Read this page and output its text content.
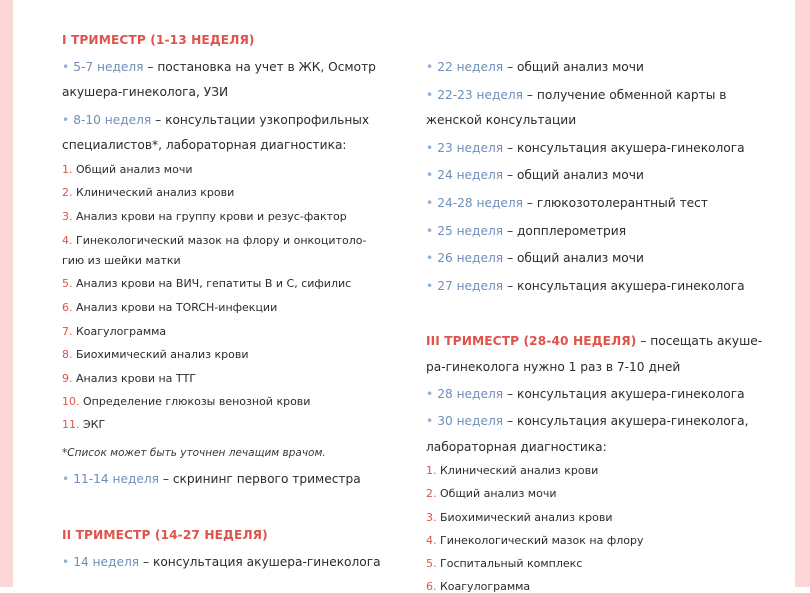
I ТРИМЕСТР (1-13 НЕДЕЛЯ)
• 5-7 неделя – постановка на учет в ЖК, Осмотр
акушера-гинеколога, УЗИ
• 8-10 неделя – консультации узкопрофильных
специалистов*, лабораторная диагностика:
1. Общий анализ мочи
2. Клинический анализ крови
3. Анализ крови на группу крови и резус-фактор
4. Гинекологический мазок на флору и онкоцитоло-
гию из шейки матки
5. Анализ крови на ВИЧ, гепатиты В и С, сифилис
6. Анализ крови на TORCH-инфекции
7. Коагулограмма
8. Биохимический анализ крови
9. Анализ крови на ТТГ
10. Определение глюкозы венозной крови
11. ЭКГ
*Список может быть уточнен лечащим врачом.
• 11-14 неделя – скрининг первого триместра
II ТРИМЕСТР (14-27 НЕДЕЛЯ)
• 14 неделя – консультация акушера-гинеколога
• 22 неделя – общий анализ мочи
• 22-23 неделя – получение обменной карты в
женской консультации
• 23 неделя – консультация акушера-гинеколога
• 24 неделя – общий анализ мочи
• 24-28 неделя – глюкозотолерантный тест
• 25 неделя – допплерометрия
• 26 неделя – общий анализ мочи
• 27 неделя – консультация акушера-гинеколога
III ТРИМЕСТР (28-40 НЕДЕЛЯ) – посещать акуше-
ра-гинеколога нужно 1 раз в 7-10 дней
• 28 неделя – консультация акушера-гинеколога
• 30 неделя – консультация акушера-гинеколога,
лабораторная диагностика:
1. Клинический анализ крови
2. Общий анализ мочи
3. Биохимический анализ крови
4. Гинекологический мазок на флору
5. Госпитальный комплекс
6. Коагулограмма
